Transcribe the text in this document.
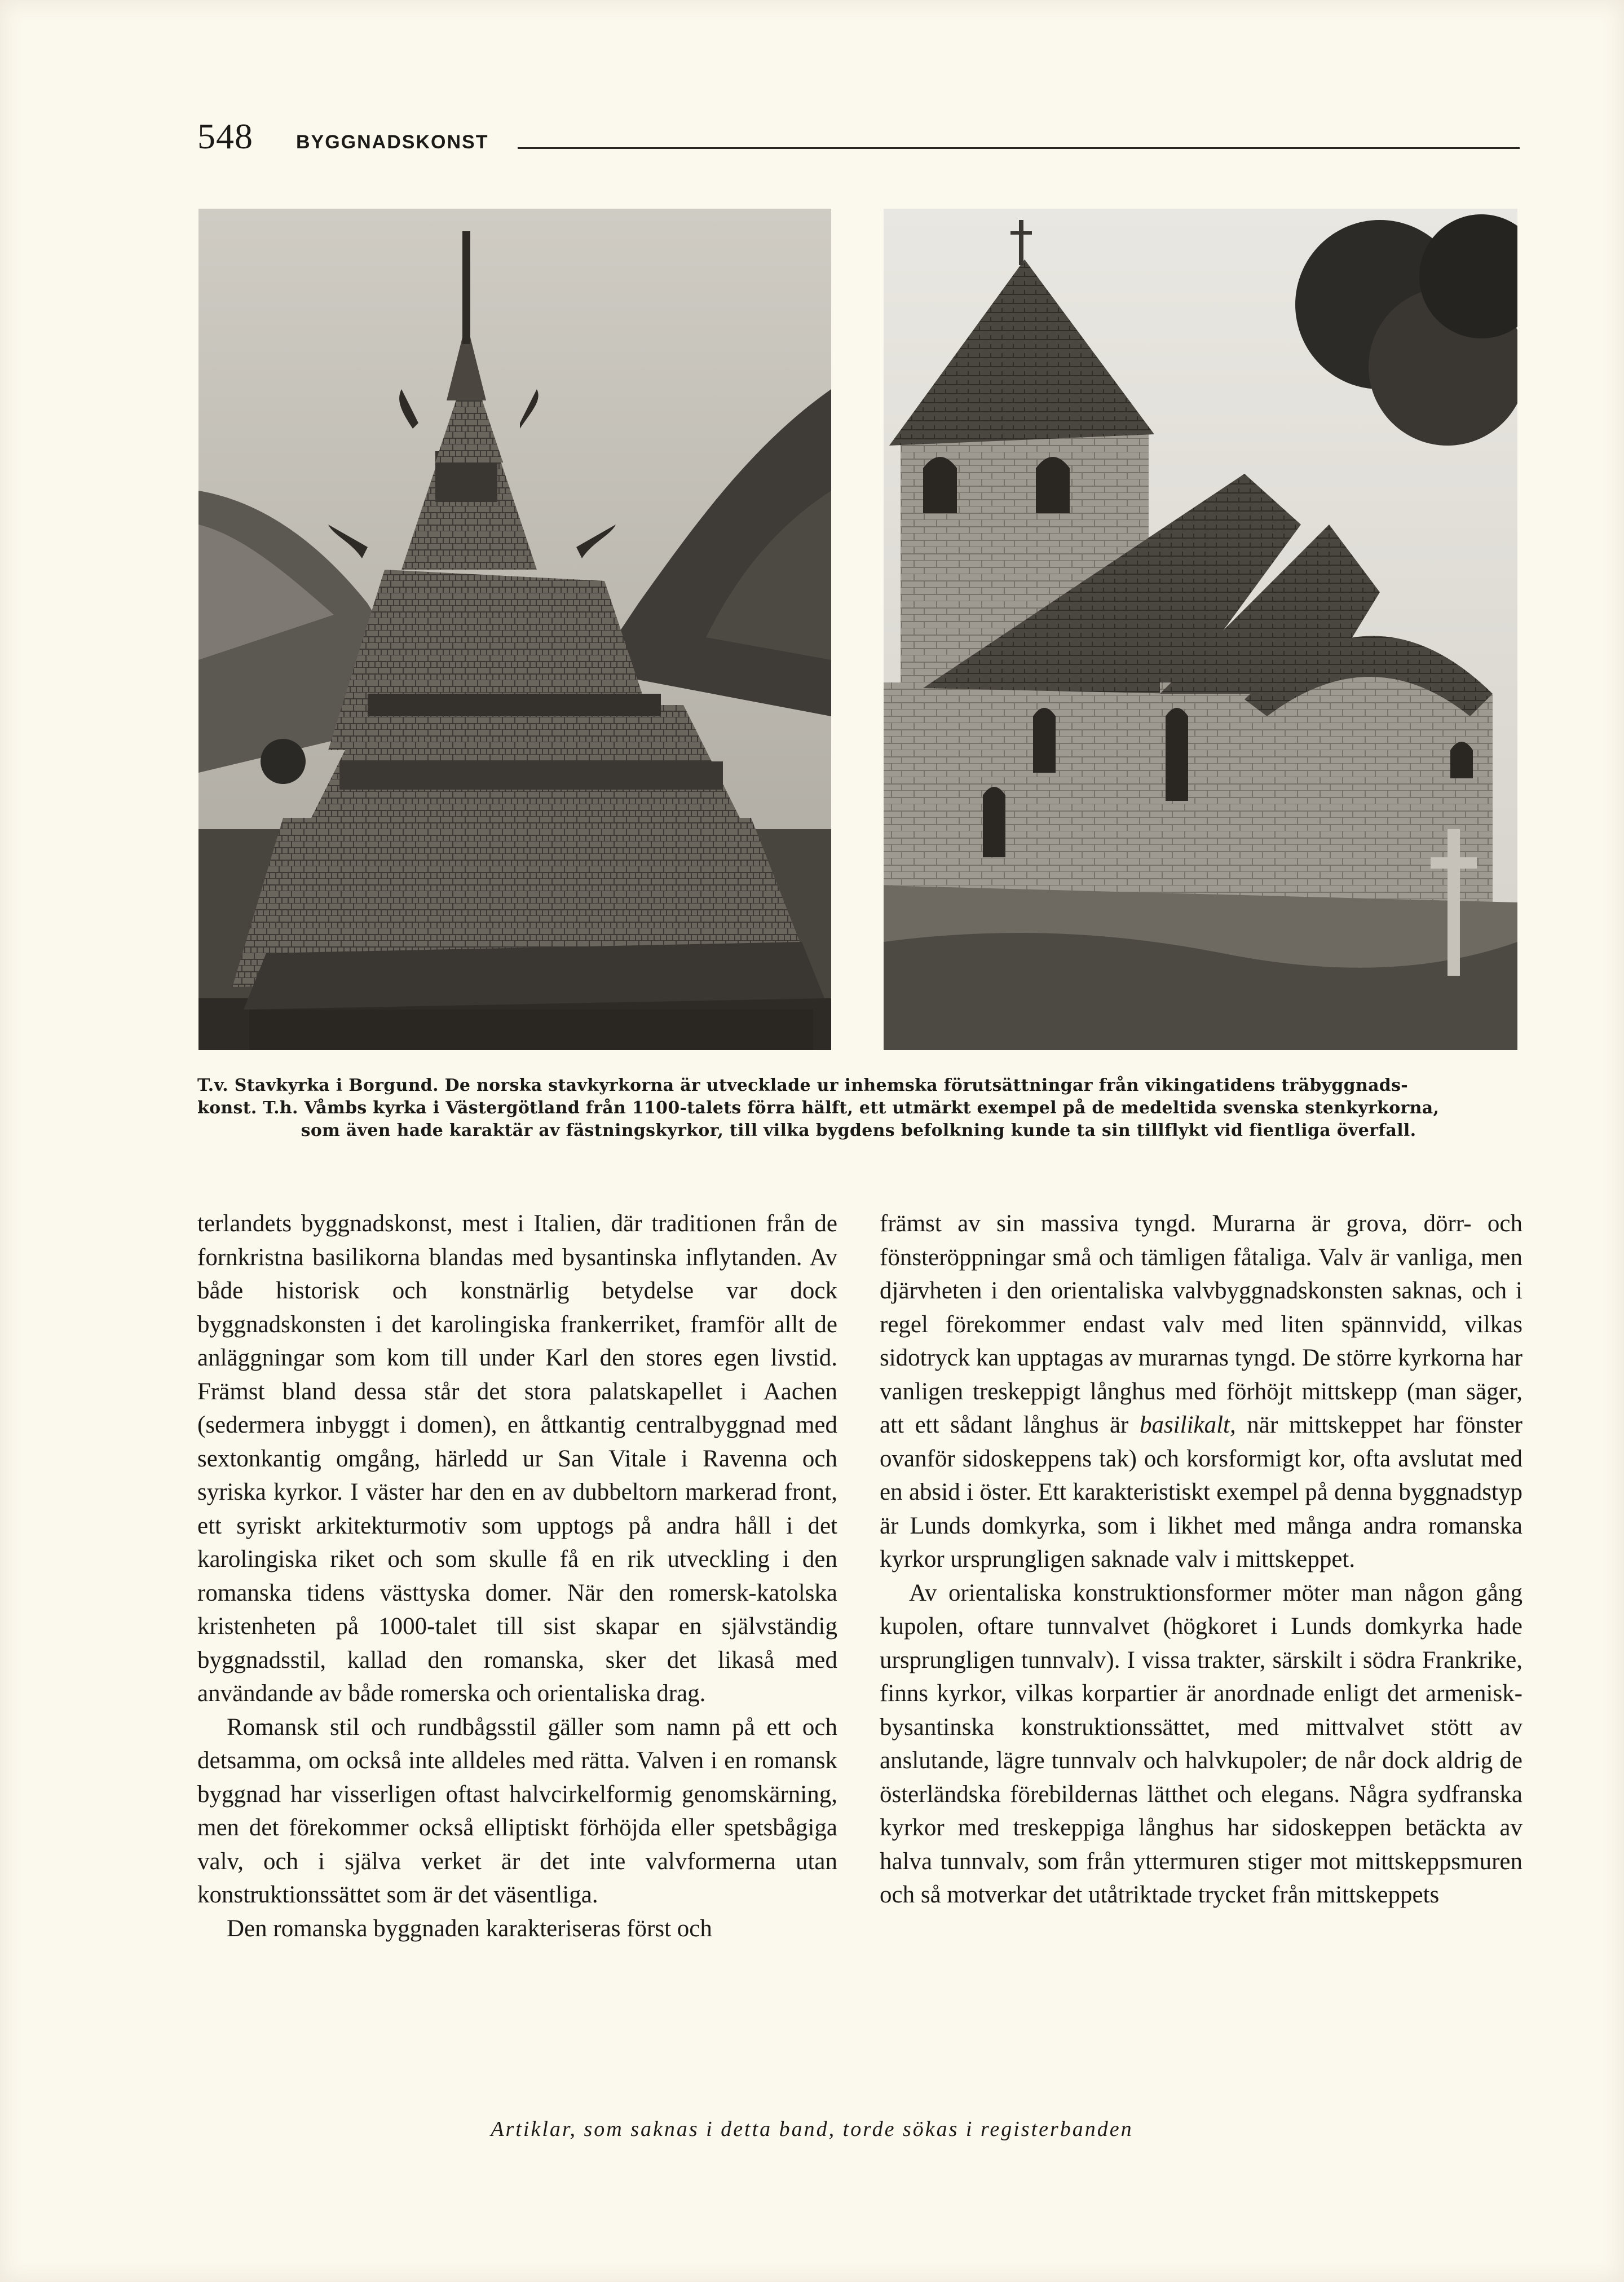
548 BYGGNADSKONST

T.v. Stavkyrka i Borgund. De norska stavkyrkorna är utvecklade ur inhemska förutsättningar från vikingatidens träbyggnads-

konst. T.h. Våmbs kyrka i Västergötland från 1100-talets förra hälft, ett utmärkt exempel på de medeltida svenska stenkyrkorna,

som även hade karaktär av fästningskyrkor, till vilka bygdens befolkning kunde ta sin tillflykt vid fientliga överfall.

terlandets byggnadskonst, mest i Italien, där traditionen från de fornkristna basilikorna blandas med bysantinska inflytanden. Av både historisk och konstnärlig betydelse var dock byggnadskonsten i det karolingiska frankerriket, framför allt de anläggningar som kom till under Karl den stores egen livstid. Främst bland dessa står det stora palatskapellet i Aachen (sedermera inbyggt i domen), en åttkantig centralbyggnad med sextonkantig omgång, härledd ur San Vitale i Ravenna och syriska kyrkor. I väster har den en av dubbeltorn markerad front, ett syriskt arkitekturmotiv som upptogs på andra håll i det karolingiska riket och som skulle få en rik utveckling i den romanska tidens västtyska domer. När den romersk-katolska kristenheten på 1000-talet till sist skapar en självständig byggnadsstil, kallad den romanska, sker det likaså med användande av både romerska och orientaliska drag.

Romansk stil och rundbågsstil gäller som namn på ett och detsamma, om också inte alldeles med rätta. Valven i en romansk byggnad har visserligen oftast halvcirkelformig genomskärning, men det förekommer också elliptiskt förhöjda eller spetsbågiga valv, och i själva verket är det inte valvformerna utan konstruktionssättet som är det väsentliga.

Den romanska byggnaden karakteriseras först och

främst av sin massiva tyngd. Murarna är grova, dörr- och fönsteröppningar små och tämligen fåtaliga. Valv är vanliga, men djärvheten i den orientaliska valvbyggnadskonsten saknas, och i regel förekommer endast valv med liten spännvidd, vilkas sidotryck kan upptagas av murarnas tyngd. De större kyrkorna har vanligen treskeppigt långhus med förhöjt mittskepp (man säger, att ett sådant långhus är basilikalt, när mittskeppet har fönster ovanför sidoskeppens tak) och korsformigt kor, ofta avslutat med en absid i öster. Ett karakteristiskt exempel på denna byggnadstyp är Lunds domkyrka, som i likhet med många andra romanska kyrkor ursprungligen saknade valv i mittskeppet.

Av orientaliska konstruktionsformer möter man någon gång kupolen, oftare tunnvalvet (högkoret i Lunds domkyrka hade ursprungligen tunnvalv). I vissa trakter, särskilt i södra Frankrike, finns kyrkor, vilkas korpartier är anordnade enligt det armenisk-bysantinska konstruktionssättet, med mittvalvet stött av anslutande, lägre tunnvalv och halvkupoler; de når dock aldrig de österländska förebildernas lätthet och elegans. Några sydfranska kyrkor med treskeppiga långhus har sidoskeppen betäckta av halva tunnvalv, som från yttermuren stiger mot mittskeppsmuren och så motverkar det utåtriktade trycket från mittskeppets

Artiklar, som saknas i detta band, torde sökas i registerbanden
